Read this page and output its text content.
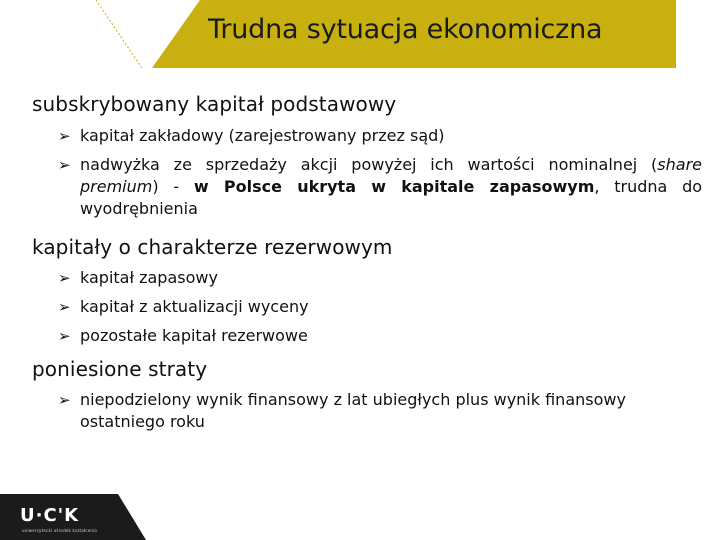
Trudna sytuacja ekonomiczna
subskrybowany kapitał podstawowy
➢ kapitał zakładowy (zarejestrowany przez sąd)
➢ nadwyżka ze sprzedaży akcji powyżej ich wartości nominalnej (share premium) - w Polsce ukryta w kapitale zapasowym, trudna do wyodrębnienia
kapitały o charakterze rezerwowym
➢ kapitał zapasowy
➢ kapitał z aktualizacji wyceny
➢ pozostałe kapitał rezerwowe
poniesione straty
➢ niepodzielony wynik finansowy z lat ubiegłych plus wynik finansowy ostatniego roku
U·C'K
uniwersytecki ośrodek kształcenia
